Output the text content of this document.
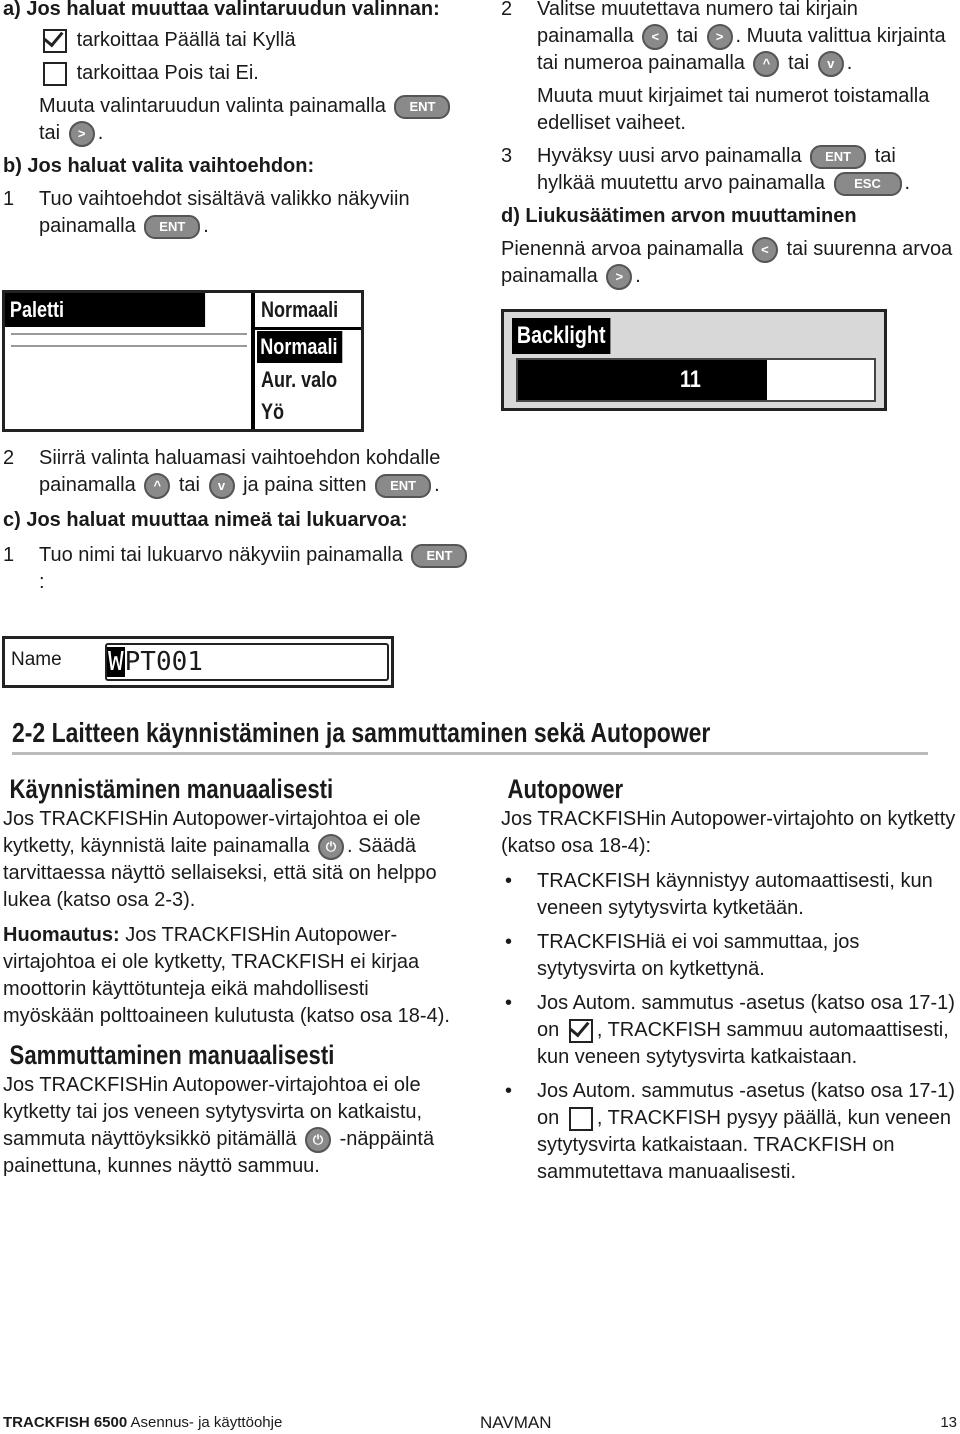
a) Jos haluat muuttaa valintaruudun valinnan:

tarkoittaa Päällä tai Kyllä

tarkoittaa Pois tai Ei.

Muuta valintaruudun valinta painamalla ENT tai > .

b) Jos haluat valita vaihtoehdon:

1 Tuo vaihtoehdot sisältävä valikko näkyviin painamalla ENT .

Paletti	Normaali
Normaali
Aur. valo
Yö

2 Siirrä valinta haluamasi vaihtoehdon kohdalle painamalla ^ tai v ja paina sitten ENT .

c) Jos haluat muuttaa nimeä tai lukuarvoa:

1 Tuo nimi tai lukuarvo näkyviin painamalla ENT:

Name WPT001

2 Valitse muutettava numero tai kirjain painamalla < tai > . Muuta valittua kirjainta tai numeroa painamalla ^ tai v .

Muuta muut kirjaimet tai numerot toistamalla edelliset vaiheet.

3 Hyväksy uusi arvo painamalla ENT tai hylkää muutettu arvo painamalla ESC .

d) Liukusäätimen arvon muuttaminen

Pienennä arvoa painamalla < tai suurenna arvoa painamalla > .

Backlight
11
2-2 Laitteen käynnistäminen ja sammuttaminen sekä Autopower
Käynnistäminen manuaalisesti

Jos TRACKFISHin Autopower-virtajohtoa ei ole kytketty, käynnistä laite painamalla ⏻ . Säädä tarvittaessa näyttö sellaiseksi, että sitä on helppo lukea (katso osa 2-3).

Huomautus: Jos TRACKFISHin Autopower-virtajohtoa ei ole kytketty, TRACKFISH ei kirjaa moottorin käyttötunteja eikä mahdollisesti myöskään polttoaineen kulutusta (katso osa 18-4).

Sammuttaminen manuaalisesti

Jos TRACKFISHin Autopower-virtajohtoa ei ole kytketty tai jos veneen sytytysvirta on katkaistu, sammuta näyttöyksikkö pitämällä ⏻ -näppäintä painettuna, kunnes näyttö sammuu.

Autopower

Jos TRACKFISHin Autopower-virtajohto on kytketty (katso osa 18-4):

• TRACKFISH käynnistyy automaattisesti, kun veneen sytytysvirta kytketään.
• TRACKFISHiä ei voi sammuttaa, jos sytytysvirta on kytkettynä.
• Jos Autom. sammutus -asetus (katso osa 17-1) on , TRACKFISH sammuu automaattisesti, kun veneen sytytysvirta katkaistaan.
• Jos Autom. sammutus -asetus (katso osa 17-1) on , TRACKFISH pysyy päällä, kun veneen sytytysvirta katkaistaan. TRACKFISH on sammutettava manuaalisesti.
TRACKFISH 6500 Asennus- ja käyttöohje	NAVMAN	13
